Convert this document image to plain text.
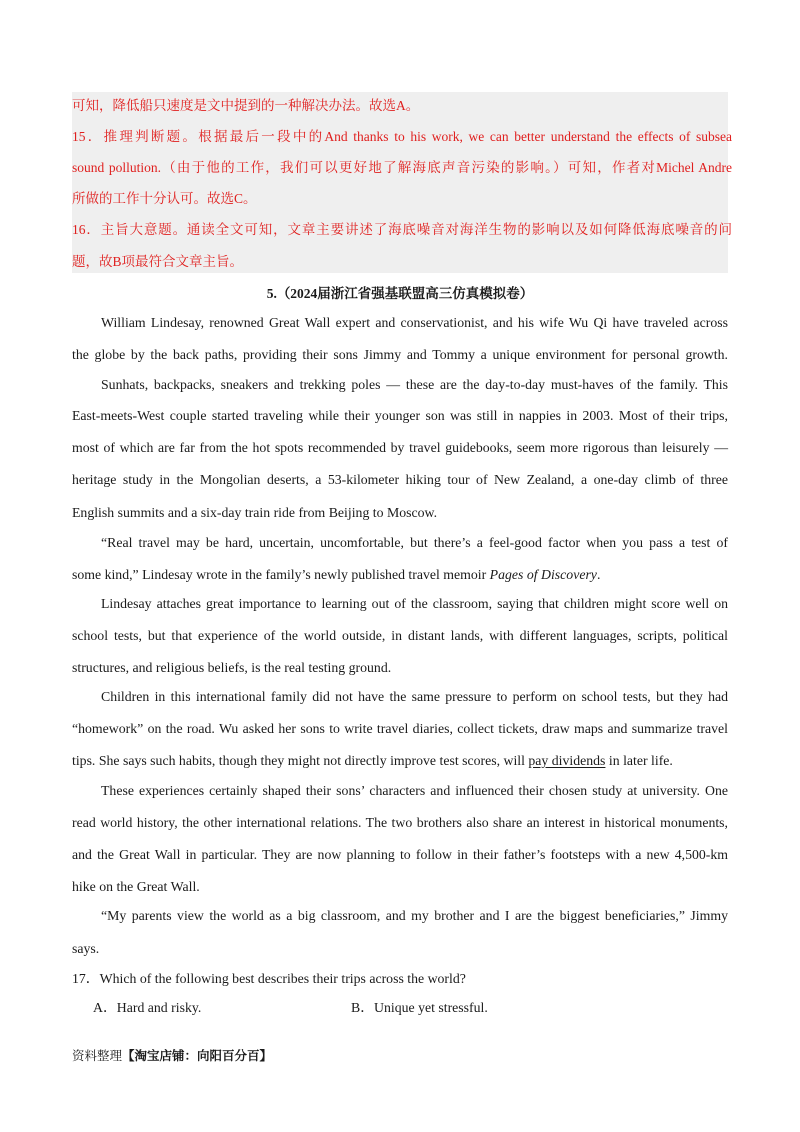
可知，降低船只速度是文中提到的一种解决办法。故选A。
15．推理判断题。根据最后一段中的And thanks to his work, we can better understand the effects of subsea
sound pollution.（由于他的工作，我们可以更好地了解海底声音污染的影响。）可知，作者对Michel Andre
所做的工作十分认可。故选C。
16．主旨大意题。通读全文可知，文章主要讲述了海底噪音对海洋生物的影响以及如何降低海底噪音的问
题，故B项最符合文章主旨。
5.（2024届浙江省强基联盟高三仿真模拟卷）
William Lindesay, renowned Great Wall expert and conservationist, and his wife Wu Qi have traveled across
the globe by the back paths, providing their sons Jimmy and Tommy a unique environment for personal growth.
Sunhats, backpacks, sneakers and trekking poles — these are the day-to-day must-haves of the family. This
East-meets-West couple started traveling while their younger son was still in nappies in 2003. Most of their trips,
most of which are far from the hot spots recommended by travel guidebooks, seem more rigorous than leisurely —
heritage study in the Mongolian deserts, a 53-kilometer hiking tour of New Zealand, a one-day climb of three
English summits and a six-day train ride from Beijing to Moscow.
“Real travel may be hard, uncertain, uncomfortable, but there’s a feel-good factor when you pass a test of
some kind,” Lindesay wrote in the family’s newly published travel memoir Pages of Discovery.
Lindesay attaches great importance to learning out of the classroom, saying that children might score well on
school tests, but that experience of the world outside, in distant lands, with different languages, scripts, political
structures, and religious beliefs, is the real testing ground.
Children in this international family did not have the same pressure to perform on school tests, but they had
“homework” on the road. Wu asked her sons to write travel diaries, collect tickets, draw maps and summarize travel
tips. She says such habits, though they might not directly improve test scores, will pay dividends in later life.
These experiences certainly shaped their sons’ characters and influenced their chosen study at university. One
read world history, the other international relations. The two brothers also share an interest in historical monuments,
and the Great Wall in particular. They are now planning to follow in their father’s footsteps with a new 4,500-km
hike on the Great Wall.
“My parents view the world as a big classroom, and my brother and I are the biggest beneficiaries,” Jimmy
says.
17．Which of the following best describes their trips across the world?
A．Hard and risky.	B．Unique yet stressful.
资料整理【淘宝店铺：向阳百分百】
